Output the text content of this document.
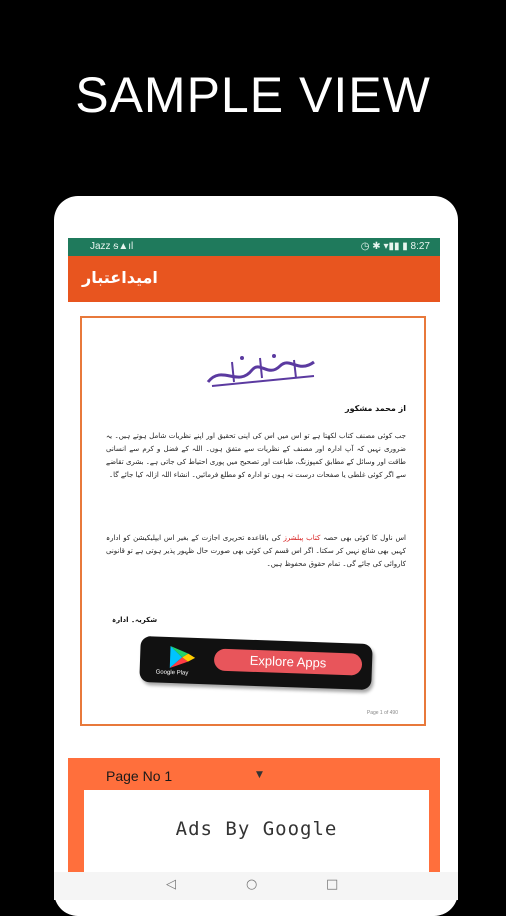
SAMPLE VIEW
Jazz ᵴ▲ıl	◷ ✱ ▾▮▮ ▮ 8:27
امیداعتبار
از محمد مشکور
جب کوئی مصنف کتاب لکھتا ہے تو اس میں اس کی اپنی تحقیق اور اپنے نظریات شامل ہوتے ہیں۔ یہ ضروری نہیں کہ آپ ادارہ اور مصنف کے نظریات سے متفق ہوں۔ اللہ کے فضل و کرم سے انسانی طاقت اور وسائل کے مطابق کمپوزنگ، طباعت اور تصحیح میں پوری احتیاط کی جاتی ہے۔ بشری تقاضے سے اگر کوئی غلطی یا صفحات درست نہ ہوں تو ادارہ کو مطلع فرمائیں۔ انشاء اللہ ازالہ کیا جائے گا۔
اس ناول کا کوئی بھی حصہ کتاب پبلشرز کی باقاعدہ تحریری اجازت کے بغیر اس ایپلیکیشن کو ادارہ کہیں بھی شائع نہیں کر سکتا۔ اگر اس قسم کی کوئی بھی صورت حال ظہور پذیر ہوتی ہے تو قانونی کاروائی کی جائے گی۔ تمام حقوق محفوظ ہیں۔
شکریہ۔ ادارہ
Google Play
Explore Apps
Page 1 of 490
Page No 1	▼
Ads By Google
◁	○	□
